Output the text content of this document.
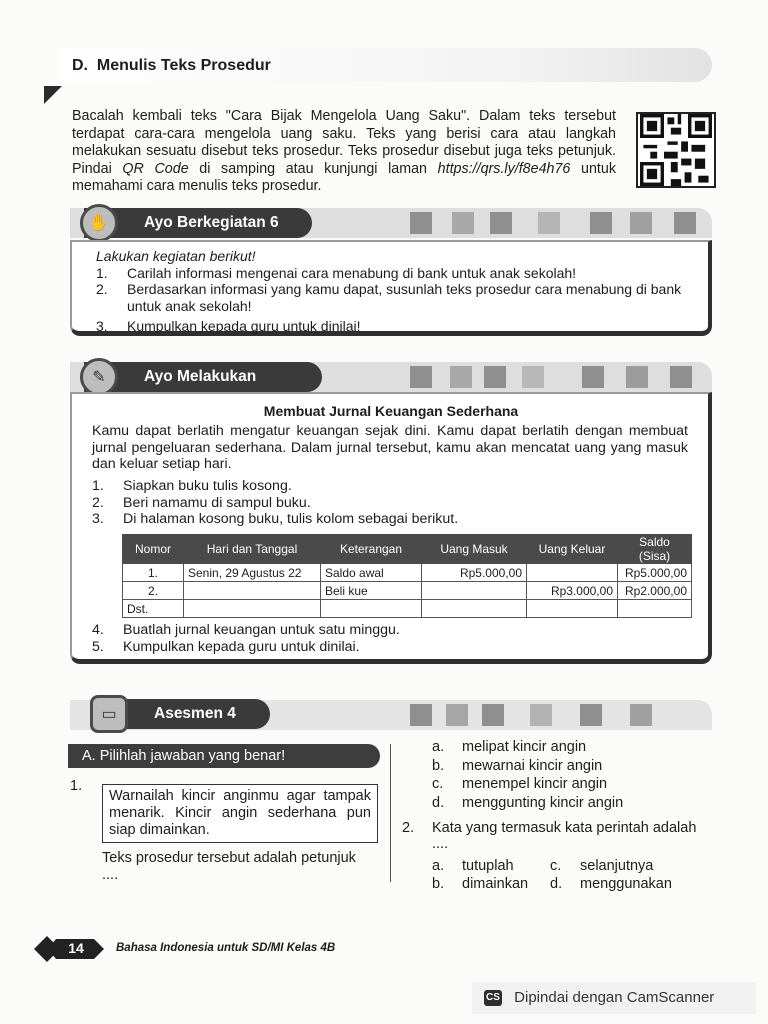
D. Menulis Teks Prosedur
Bacalah kembali teks "Cara Bijak Mengelola Uang Saku". Dalam teks tersebut terdapat cara-cara mengelola uang saku. Teks yang berisi cara atau langkah melakukan sesuatu disebut teks prosedur. Teks prosedur disebut juga teks petunjuk. Pindai QR Code di samping atau kunjungi laman https://qrs.ly/f8e4h76 untuk memahami cara menulis teks prosedur.
Ayo Berkegiatan 6
✋
Lakukan kegiatan berikut!
1.	Carilah informasi mengenai cara menabung di bank untuk anak sekolah!
2.	Berdasarkan informasi yang kamu dapat, susunlah teks prosedur cara menabung di bank untuk anak sekolah!
3.	Kumpulkan kepada guru untuk dinilai!
Ayo Melakukan
✎
Membuat Jurnal Keuangan Sederhana
Kamu dapat berlatih mengatur keuangan sejak dini. Kamu dapat berlatih dengan membuat jurnal pengeluaran sederhana. Dalam jurnal tersebut, kamu akan mencatat uang yang masuk dan keluar setiap hari.
1.	Siapkan buku tulis kosong.
2.	Beri namamu di sampul buku.
3.	Di halaman kosong buku, tulis kolom sebagai berikut.
Nomor	Hari dan Tanggal	Keterangan	Uang Masuk	Uang Keluar	Saldo (Sisa)
1.	Senin, 29 Agustus 22	Saldo awal	Rp5.000,00		Rp5.000,00
2.		Beli kue		Rp3.000,00	Rp2.000,00
Dst.					
4.	Buatlah jurnal keuangan untuk satu minggu.
5.	Kumpulkan kepada guru untuk dinilai.
Asesmen 4
▭
A. Pilihlah jawaban yang benar!
1.
Warnailah kincir anginmu agar tampak menarik. Kincir angin sederhana pun siap dimainkan.
Teks prosedur tersebut adalah petunjuk
....
a. melipat kincir angin
b. mewarnai kincir angin
c. menempel kincir angin
d. menggunting kincir angin
2. Kata yang termasuk kata perintah adalah
....
a. tutuplah	c. selanjutnya
b. dimainkan d. menggunakan
14	Bahasa Indonesia untuk SD/MI Kelas 4B
CS Dipindai dengan CamScanner
